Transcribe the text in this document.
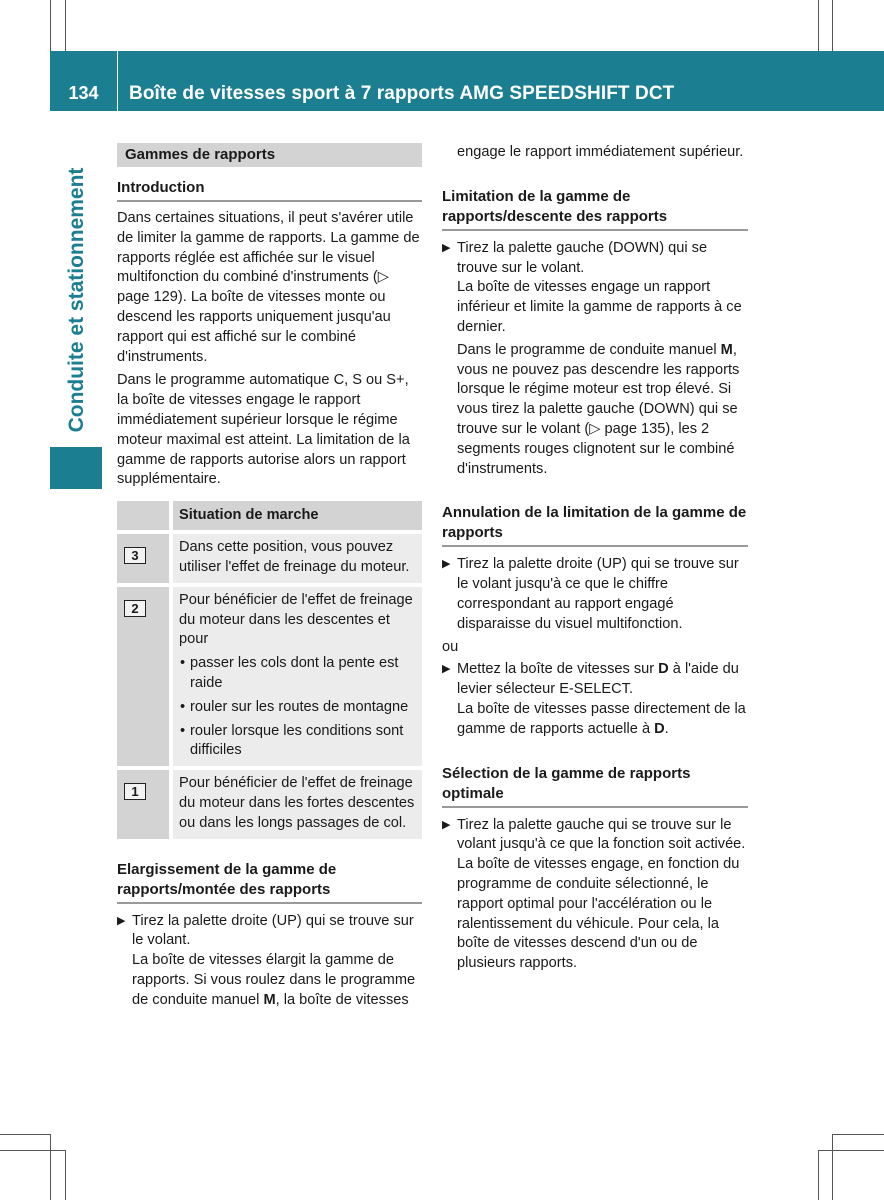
134	Boîte de vitesses sport à 7 rapports AMG SPEEDSHIFT DCT
Conduite et stationnement
Gammes de rapports
Introduction

Dans certaines situations, il peut s'avérer utile de limiter la gamme de rapports. La gamme de rapports réglée est affichée sur le visuel multifonction du combiné d'instruments (▷ page 129). La boîte de vitesses monte ou descend les rapports uniquement jusqu'au rapport qui est affiché sur le combiné d'instruments.

Dans le programme automatique C, S ou S+, la boîte de vitesses engage le rapport immédiatement supérieur lorsque le régime moteur maximal est atteint. La limitation de la gamme de rapports autorise alors un rapport supplémentaire.

	Situation de marche

3	Dans cette position, vous pouvez utiliser l'effet de freinage du moteur.

2	Pour bénéficier de l'effet de freinage du moteur dans les descentes et pour
• passer les cols dont la pente est raide
• rouler sur les routes de montagne
• rouler lorsque les conditions sont difficiles

1	Pour bénéficier de l'effet de freinage du moteur dans les fortes descentes ou dans les longs passages de col.
Elargissement de la gamme de rapports/montée des rapports
▶ Tirez la palette droite (UP) qui se trouve sur le volant.
La boîte de vitesses élargit la gamme de rapports. Si vous roulez dans le programme de conduite manuel M, la boîte de vitesses
engage le rapport immédiatement supérieur.
Limitation de la gamme de rapports/descente des rapports
▶ Tirez la palette gauche (DOWN) qui se trouve sur le volant.
La boîte de vitesses engage un rapport inférieur et limite la gamme de rapports à ce dernier.
Dans le programme de conduite manuel M, vous ne pouvez pas descendre les rapports lorsque le régime moteur est trop élevé. Si vous tirez la palette gauche (DOWN) qui se trouve sur le volant (▷ page 135), les 2 segments rouges clignotent sur le combiné d'instruments.
Annulation de la limitation de la gamme de rapports
▶ Tirez la palette droite (UP) qui se trouve sur le volant jusqu'à ce que le chiffre correspondant au rapport engagé disparaisse du visuel multifonction.
ou
▶ Mettez la boîte de vitesses sur D à l'aide du levier sélecteur E-SELECT.
La boîte de vitesses passe directement de la gamme de rapports actuelle à D.
Sélection de la gamme de rapports optimale
▶ Tirez la palette gauche qui se trouve sur le volant jusqu'à ce que la fonction soit activée.
La boîte de vitesses engage, en fonction du programme de conduite sélectionné, le rapport optimal pour l'accélération ou le ralentissement du véhicule. Pour cela, la boîte de vitesses descend d'un ou de plusieurs rapports.
